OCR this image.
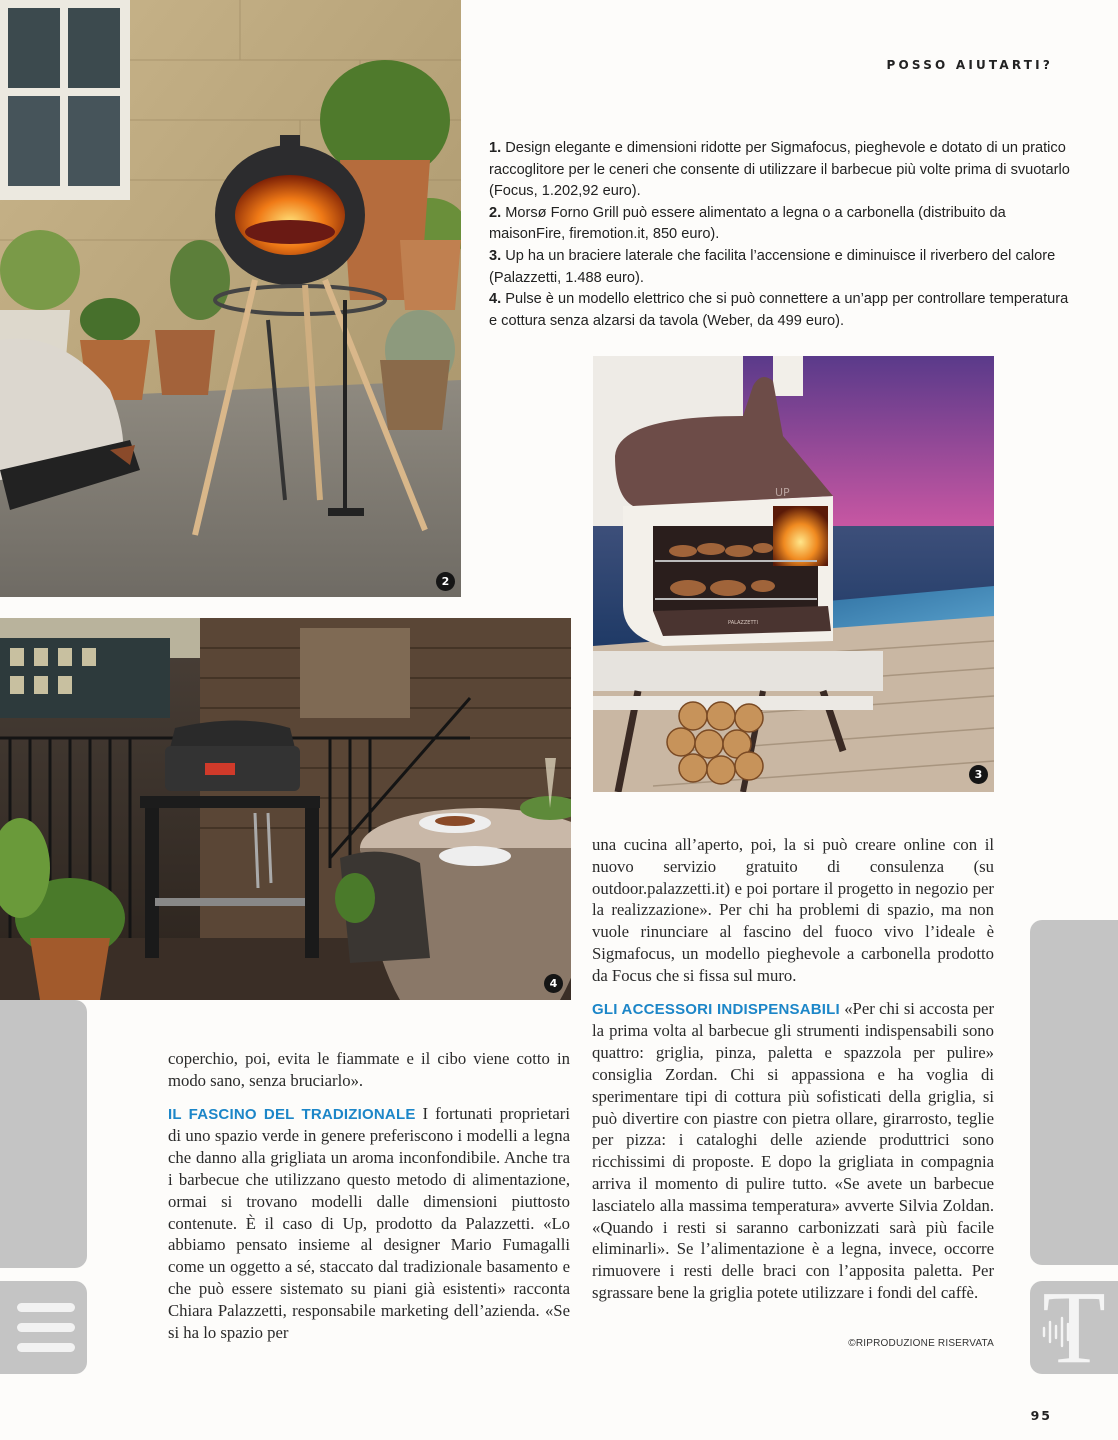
POSSO AIUTARTI?

1. Design elegante e dimensioni ridotte per Sigmafocus, pieghevole e dotato di un pratico raccoglitore per le ceneri che consente di utilizzare il barbecue più volte prima di svuotarlo (Focus, 1.202,92 euro).

2. Morsø Forno Grill può essere alimentato a legna o a carbonella (distribuito da maisonFire, firemotion.it, 850 euro).

3. Up ha un braciere laterale che facilita l’accensione e diminuisce il riverbero del calore (Palazzetti, 1.488 euro).

4. Pulse è un modello elettrico che si può connettere a un’app per controllare temperatura e cottura senza alzarsi da tavola (Weber, da 499 euro).

2
UP
PALAZZETTI
3
4

coperchio, poi, evita le fiammate e il cibo viene cotto in modo sano, senza bruciarlo».

IL FASCINO DEL TRADIZIONALE I fortunati proprietari di uno spazio verde in genere preferiscono i modelli a legna che danno alla grigliata un aroma inconfondibile. Anche tra i barbecue che utilizzano questo metodo di alimentazione, ormai si trovano modelli dalle dimensioni piuttosto contenute. È il caso di Up, prodotto da Palazzetti. «Lo abbiamo pensato insieme al designer Mario Fumagalli come un oggetto a sé, staccato dal tradizionale basamento e che può essere sistemato su piani già esistenti» racconta Chiara Palazzetti, responsabile marketing dell’azienda. «Se si ha lo spazio per

una cucina all’aperto, poi, la si può creare online con il nuovo servizio gratuito di consulenza (su outdoor.palazzetti.it) e poi portare il progetto in negozio per la realizzazione». Per chi ha problemi di spazio, ma non vuole rinunciare al fascino del fuoco vivo l’ideale è Sigmafocus, un modello pieghevole a carbonella prodotto da Focus che si fissa sul muro.

GLI ACCESSORI INDISPENSABILI «Per chi si accosta per la prima volta al barbecue gli strumenti indispensabili sono quattro: griglia, pinza, paletta e spazzola per pulire» consiglia Zordan. Chi si appassiona e ha voglia di sperimentare tipi di cottura più sofisticati della griglia, si può divertire con piastre con pietra ollare, girarrosto, teglie per pizza: i cataloghi delle aziende produttrici sono ricchissimi di proposte. E dopo la grigliata in compagnia arriva il momento di pulire tutto. «Se avete un barbecue lasciatelo alla massima temperatura» avverte Silvia Zoldan. «Quando i resti si saranno carbonizzati sarà più facile eliminarli». Se l’alimentazione è a legna, invece, occorre rimuovere i resti delle braci con l’apposita paletta. Per sgrassare bene la griglia potete utilizzare i fondi del caffè.

©RIPRODUZIONE RISERVATA
95
T
